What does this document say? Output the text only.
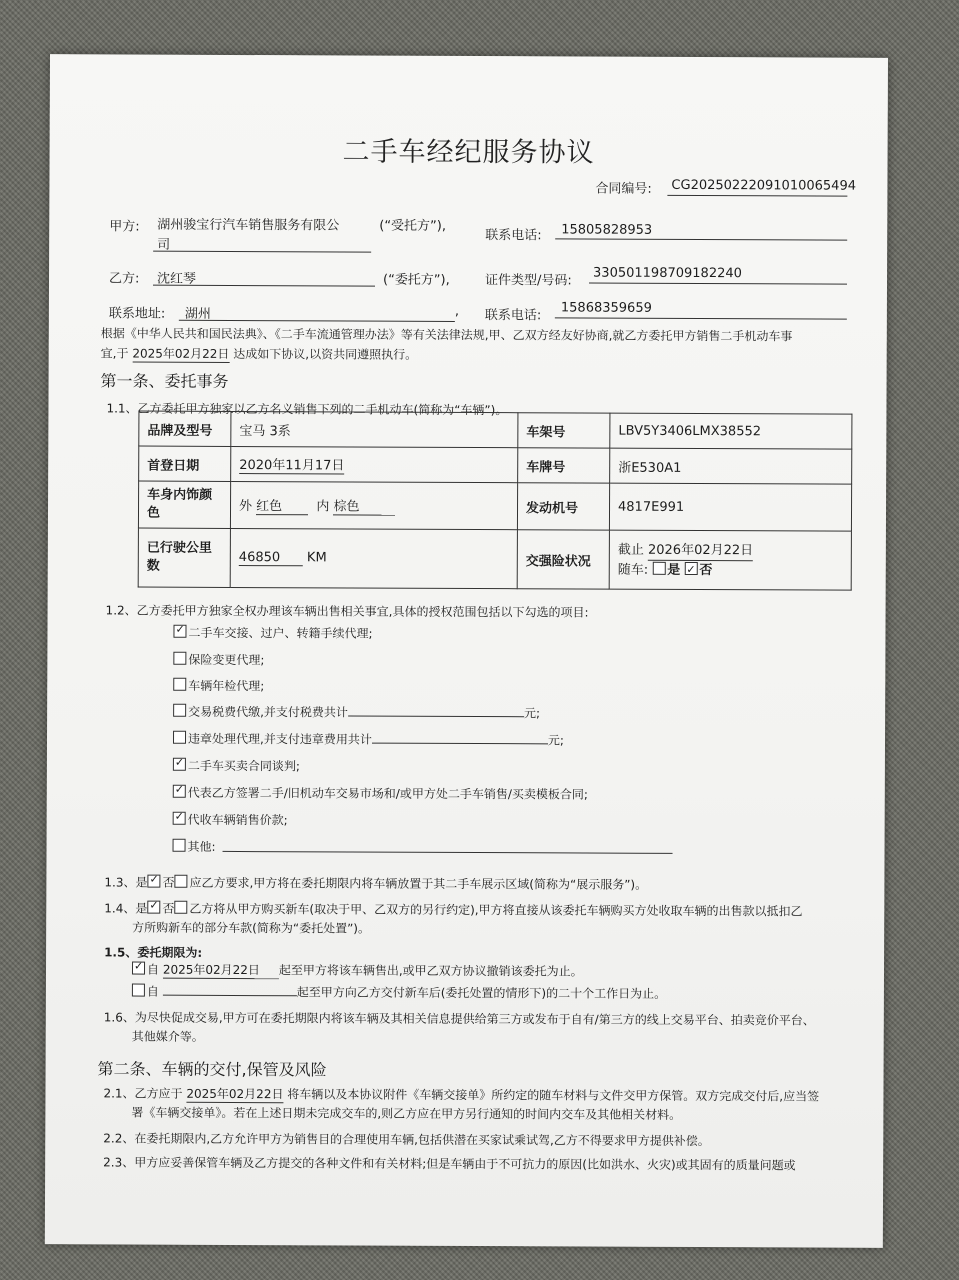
二手车经纪服务协议
合同编号: CG20250222091010065494
甲方: 湖州骏宝行汽车销售服务有限公
司
(“受托方”),
联系电话: 15805828953
乙方: 沈红琴	(“委托方”),	证件类型/号码: 330501198709182240
联系地址: 湖州	, 联系电话: 15868359659
根据《中华人民共和国民法典》、《二手车流通管理办法》等有关法律法规,甲、乙双方经友好协商,就乙方委托甲方销售二手机动车事
宜,于 2025年02月22日 达成如下协议,以资共同遵照执行。
第一条、委托事务
1.1、乙方委托甲方独家以乙方名义销售下列的二手机动车(简称为“车辆”)。
品牌及型号	宝马 3系	车架号	LBV5Y3406LMX38552
首登日期	2020年11月17日	车牌号	浙E530A1
车身内饰颜
色	外 红色 内 棕色	发动机号	4817E991
已行驶公里
数	46850 KM	交强险状况	截止 2026年02月22日
随车: 是 ✓ 否
1.2、乙方委托甲方独家全权办理该车辆出售相关事宜,具体的授权范围包括以下勾选的项目:
✓二手车交接、过户、转籍手续代理;
保险变更代理;
车辆年检代理;
交易税费代缴,并支付税费共计	元;
违章处理代理,并支付违章费用共计	元;
✓二手车买卖合同谈判;
✓代表乙方签署二手/旧机动车交易市场和/或甲方处二手车销售/买卖模板合同;
✓代收车辆销售价款;
其他:
1.3、是 ✓ 否 应乙方要求,甲方将在委托期限内将车辆放置于其二手车展示区域(简称为“展示服务”)。
1.4、是 ✓ 否 乙方将从甲方购买新车(取决于甲、乙双方的另行约定),甲方将直接从该委托车辆购买方处收取车辆的出售款以抵扣乙
方所购新车的部分车款(简称为“委托处置”)。
1.5、委托期限为:
✓自 2025年02月22日 起至甲方将该车辆售出,或甲乙双方协议撤销该委托为止。
自	起至甲方向乙方交付新车后(委托处置的情形下)的二十个工作日为止。
1.6、为尽快促成交易,甲方可在委托期限内将该车辆及其相关信息提供给第三方或发布于自有/第三方的线上交易平台、拍卖竞价平台、
其他媒介等。
第二条、车辆的交付,保管及风险
2.1、乙方应于 2025年02月22日 将车辆以及本协议附件《车辆交接单》所约定的随车材料与文件交甲方保管。双方完成交付后,应当签
署《车辆交接单》。若在上述日期未完成交车的,则乙方应在甲方另行通知的时间内交车及其他相关材料。
2.2、在委托期限内,乙方允许甲方为销售目的合理使用车辆,包括供潜在买家试乘试驾,乙方不得要求甲方提供补偿。
2.3、甲方应妥善保管车辆及乙方提交的各种文件和有关材料;但是车辆由于不可抗力的原因(比如洪水、火灾)或其固有的质量问题或
